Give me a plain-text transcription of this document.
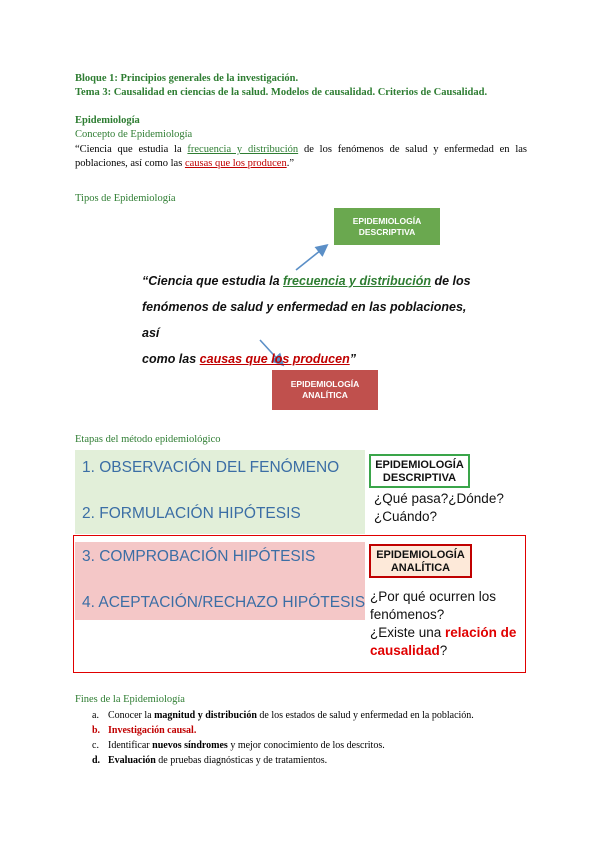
Bloque 1: Principios generales de la investigación.
Tema 3: Causalidad en ciencias de la salud. Modelos de causalidad. Criterios de Causalidad.
Epidemiología
Concepto de Epidemiología
“Ciencia que estudia la frecuencia y distribución de los fenómenos de salud y enfermedad en las poblaciones, así como las causas que los producen.”
Tipos de Epidemiología
EPIDEMIOLOGÍA DESCRIPTIVA
EPIDEMIOLOGÍA ANALÍTICA
“Ciencia que estudia la frecuencia y distribución de los
fenómenos de salud y enfermedad en las poblaciones, así
como las causas que los producen”
Etapas del método epidemiológico
1. OBSERVACIÓN DEL FENÓMENO
2. FORMULACIÓN HIPÓTESIS
3. COMPROBACIÓN HIPÓTESIS
4. ACEPTACIÓN/RECHAZO HIPÓTESIS
EPIDEMIOLOGÍA DESCRIPTIVA
¿Qué pasa?¿Dónde? ¿Cuándo?
EPIDEMIOLOGÍA ANALÍTICA
¿Por qué ocurren los fenómenos?
¿Existe una relación de causalidad?
Fines de la Epidemiología
a. Conocer la magnitud y distribución de los estados de salud y enfermedad en la población.
b. Investigación causal.
c. Identificar nuevos síndromes y mejor conocimiento de los descritos.
d. Evaluación de pruebas diagnósticas y de tratamientos.
